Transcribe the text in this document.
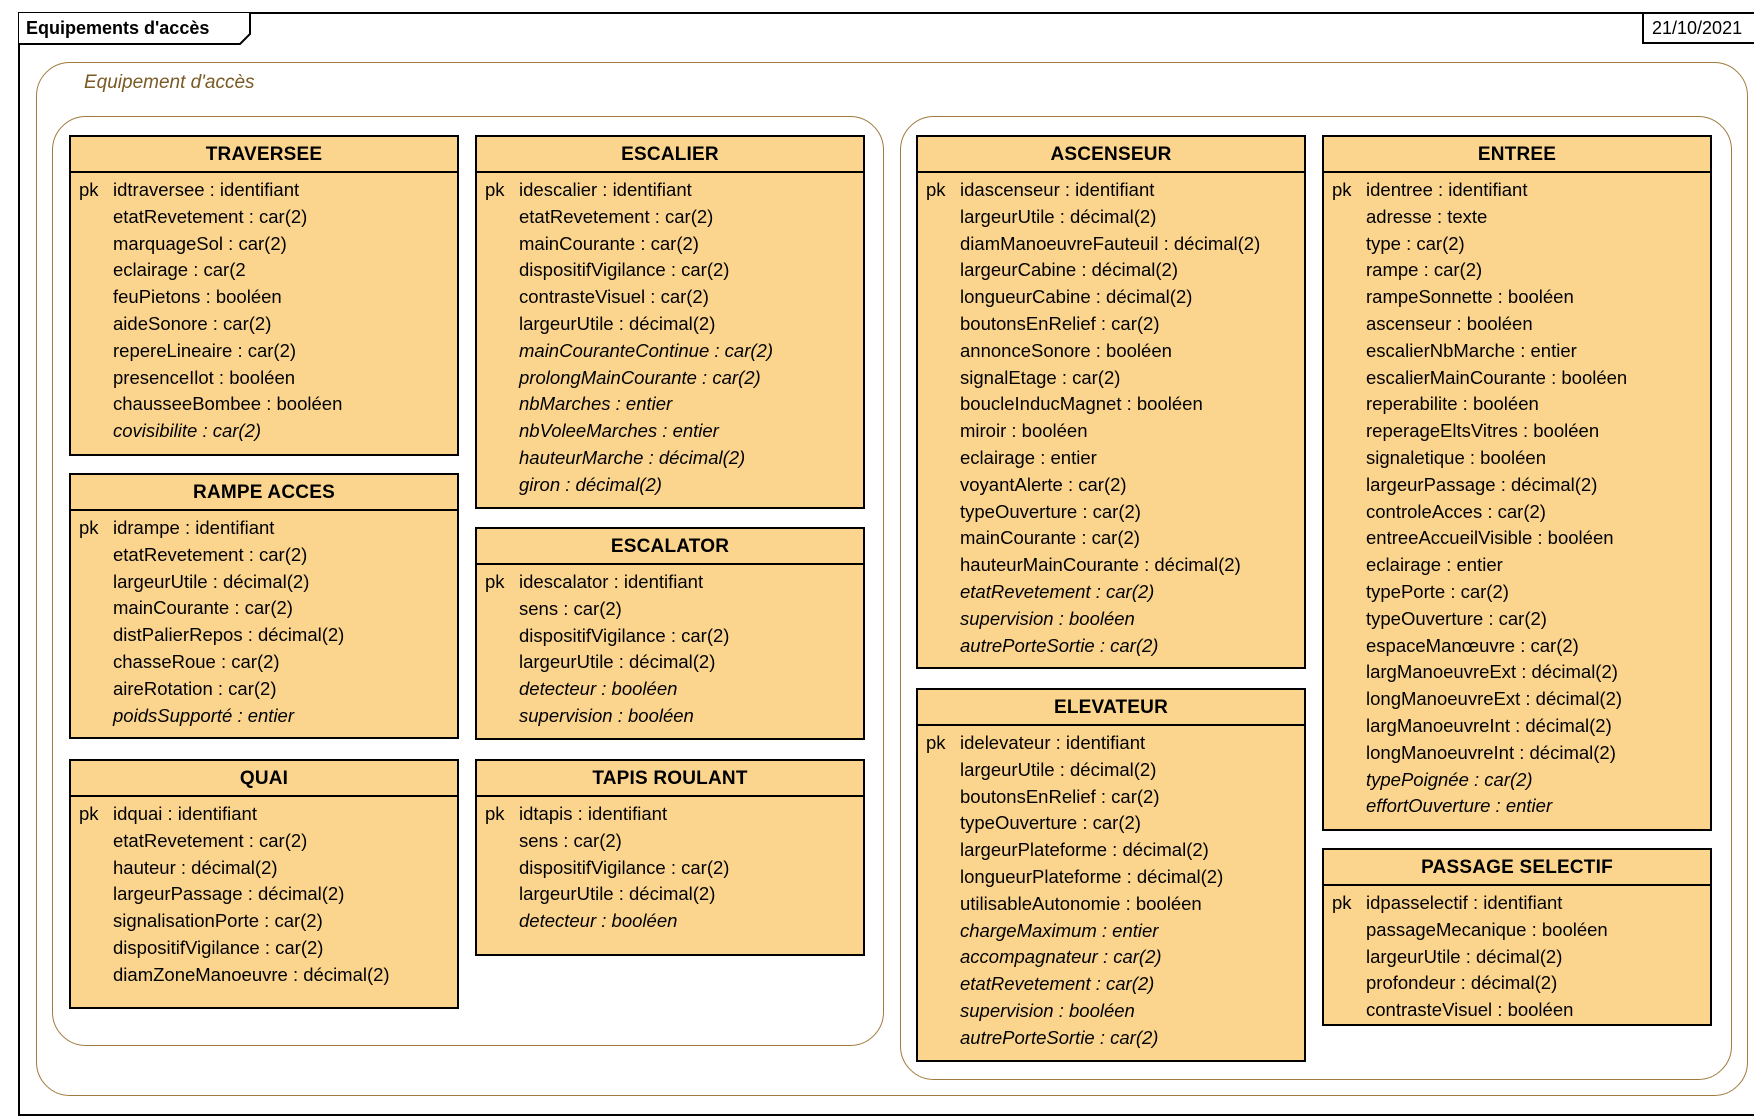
Equipements d'accès	21/10/2021
Equipement d'accès
TRAVERSEE
pk idtraversee : identifiant
etatRevetement : car(2)
marquageSol : car(2)
eclairage : car(2
feuPietons : booléen
aideSonore : car(2)
repereLineaire : car(2)
presenceIlot : booléen
chausseeBombee : booléen
covisibilite : car(2)
RAMPE ACCES
pk idrampe : identifiant
etatRevetement : car(2)
largeurUtile : décimal(2)
mainCourante : car(2)
distPalierRepos : décimal(2)
chasseRoue : car(2)
aireRotation : car(2)
poidsSupporté : entier
QUAI
pk idquai : identifiant
etatRevetement : car(2)
hauteur : décimal(2)
largeurPassage : décimal(2)
signalisationPorte : car(2)
dispositifVigilance : car(2)
diamZoneManoeuvre : décimal(2)
ESCALIER
pk idescalier : identifiant
etatRevetement : car(2)
mainCourante : car(2)
dispositifVigilance : car(2)
contrasteVisuel : car(2)
largeurUtile : décimal(2)
mainCouranteContinue : car(2)
prolongMainCourante : car(2)
nbMarches : entier
nbVoleeMarches : entier
hauteurMarche : décimal(2)
giron : décimal(2)
ESCALATOR
pk idescalator : identifiant
sens : car(2)
dispositifVigilance : car(2)
largeurUtile : décimal(2)
detecteur : booléen
supervision : booléen
TAPIS ROULANT
pk idtapis : identifiant
sens : car(2)
dispositifVigilance : car(2)
largeurUtile : décimal(2)
detecteur : booléen
ASCENSEUR
pk idascenseur : identifiant
largeurUtile : décimal(2)
diamManoeuvreFauteuil : décimal(2)
largeurCabine : décimal(2)
longueurCabine : décimal(2)
boutonsEnRelief : car(2)
annonceSonore : booléen
signalEtage : car(2)
boucleInducMagnet : booléen
miroir : booléen
eclairage : entier
voyantAlerte : car(2)
typeOuverture : car(2)
mainCourante : car(2)
hauteurMainCourante : décimal(2)
etatRevetement : car(2)
supervision : booléen
autrePorteSortie : car(2)
ELEVATEUR
pk idelevateur : identifiant
largeurUtile : décimal(2)
boutonsEnRelief : car(2)
typeOuverture : car(2)
largeurPlateforme : décimal(2)
longueurPlateforme : décimal(2)
utilisableAutonomie : booléen
chargeMaximum : entier
accompagnateur : car(2)
etatRevetement : car(2)
supervision : booléen
autrePorteSortie : car(2)
ENTREE
pk identree : identifiant
adresse : texte
type : car(2)
rampe : car(2)
rampeSonnette : booléen
ascenseur : booléen
escalierNbMarche : entier
escalierMainCourante : booléen
reperabilite : booléen
reperageEltsVitres : booléen
signaletique : booléen
largeurPassage : décimal(2)
controleAcces : car(2)
entreeAccueilVisible : booléen
eclairage : entier
typePorte : car(2)
typeOuverture : car(2)
espaceManœuvre : car(2)
largManoeuvreExt : décimal(2)
longManoeuvreExt : décimal(2)
largManoeuvreInt : décimal(2)
longManoeuvreInt : décimal(2)
typePoignée : car(2)
effortOuverture : entier
PASSAGE SELECTIF
pk idpasselectif : identifiant
passageMecanique : booléen
largeurUtile : décimal(2)
profondeur : décimal(2)
contrasteVisuel : booléen
